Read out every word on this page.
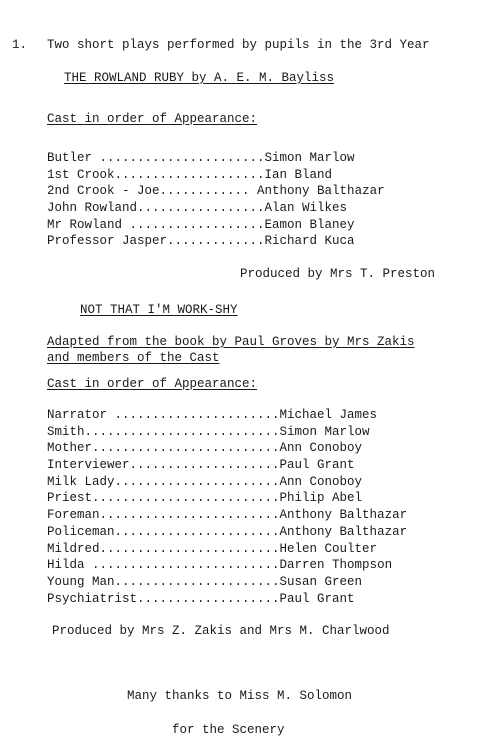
1. Two short plays performed by pupils in the 3rd Year
THE ROWLAND RUBY by A. E. M. Bayliss
Cast in order of Appearance:
Butler ...................... Simon Marlow
1st Crook.................... Ian Bland
2nd Crook - Joe............ Anthony Balthazar
John Rowland................. Alan Wilkes
Mr Rowland .................. Eamon Blaney
Professor Jasper............. Richard Kuca
Produced by Mrs T. Preston
NOT THAT I'M WORK-SHY
Adapted from the book by Paul Groves by Mrs Zakis
and members of the Cast
Cast in order of Appearance:
Narrator ...................... Michael James
Smith.......................... Simon Marlow
Mother......................... Ann Conoboy
Interviewer.................... Paul Grant
Milk Lady...................... Ann Conoboy
Priest......................... Philip Abel
Foreman........................ Anthony Balthazar
Policeman...................... Anthony Balthazar
Mildred........................ Helen Coulter
Hilda ......................... Darren Thompson
Young Man...................... Susan Green
Psychiatrist................... Paul Grant
Produced by Mrs Z. Zakis and Mrs M. Charlwood
Many thanks to Miss M. Solomon
for the Scenery
